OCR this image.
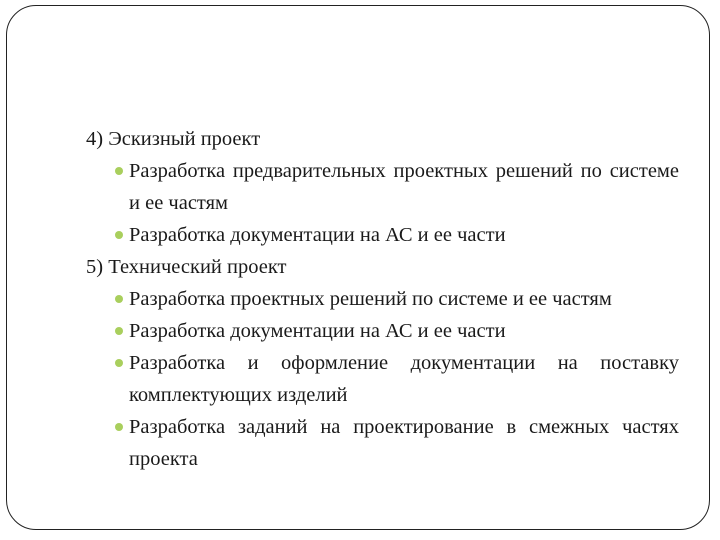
4) Эскизный проект

Разработка предварительных проектных решений по системе и ее частям
Разработка документации на АС и ее части

5) Технический проект

Разработка проектных решений по системе и ее частям
Разработка документации на АС и ее части
Разработка и оформление документации на поставку комплектующих изделий
Разработка заданий на проектирование в смежных частях проекта
